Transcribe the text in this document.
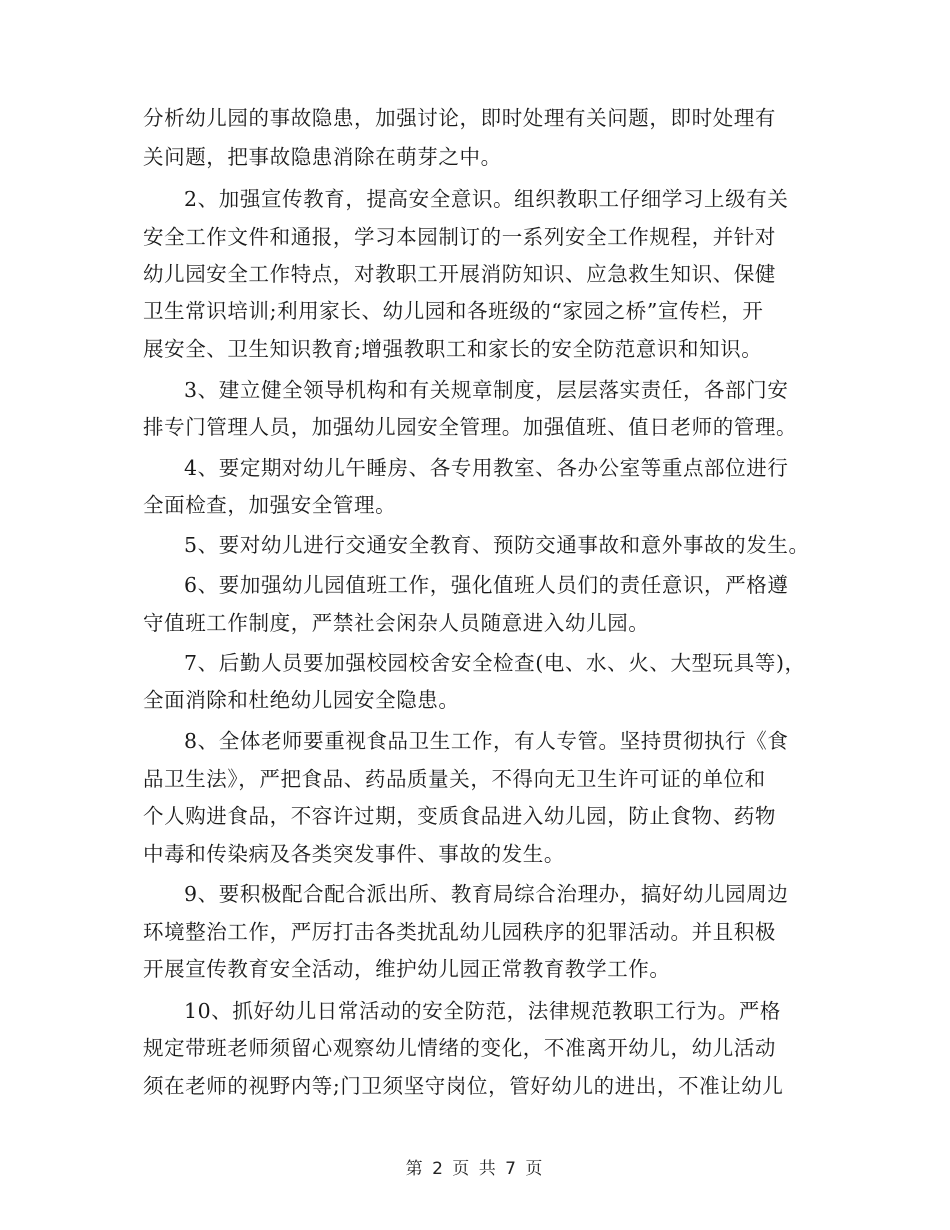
分析幼儿园的事故隐患，加强讨论，即时处理有关问题，即时处理有
关问题，把事故隐患消除在萌芽之中。
2、加强宣传教育，提高安全意识。组织教职工仔细学习上级有关
安全工作文件和通报，学习本园制订的一系列安全工作规程，并针对
幼儿园安全工作特点，对教职工开展消防知识、应急救生知识、保健
卫生常识培训;利用家长、幼儿园和各班级的“家园之桥”宣传栏，开
展安全、卫生知识教育;增强教职工和家长的安全防范意识和知识。
3、建立健全领导机构和有关规章制度，层层落实责任，各部门安
排专门管理人员，加强幼儿园安全管理。加强值班、值日老师的管理。
4、要定期对幼儿午睡房、各专用教室、各办公室等重点部位进行
全面检查，加强安全管理。
5、要对幼儿进行交通安全教育、预防交通事故和意外事故的发生。
6、要加强幼儿园值班工作，强化值班人员们的责任意识，严格遵
守值班工作制度，严禁社会闲杂人员随意进入幼儿园。
7、后勤人员要加强校园校舍安全检查(电、水、火、大型玩具等)，
全面消除和杜绝幼儿园安全隐患。
8、全体老师要重视食品卫生工作，有人专管。坚持贯彻执行《食
品卫生法》，严把食品、药品质量关，不得向无卫生许可证的单位和
个人购进食品，不容许过期，变质食品进入幼儿园，防止食物、药物
中毒和传染病及各类突发事件、事故的发生。
9、要积极配合配合派出所、教育局综合治理办，搞好幼儿园周边
环境整治工作，严厉打击各类扰乱幼儿园秩序的犯罪活动。并且积极
开展宣传教育安全活动，维护幼儿园正常教育教学工作。
10、抓好幼儿日常活动的安全防范，法律规范教职工行为。严格
规定带班老师须留心观察幼儿情绪的变化，不准离开幼儿，幼儿活动
须在老师的视野内等;门卫须坚守岗位，管好幼儿的进出，不准让幼儿
第 2 页 共 7 页
